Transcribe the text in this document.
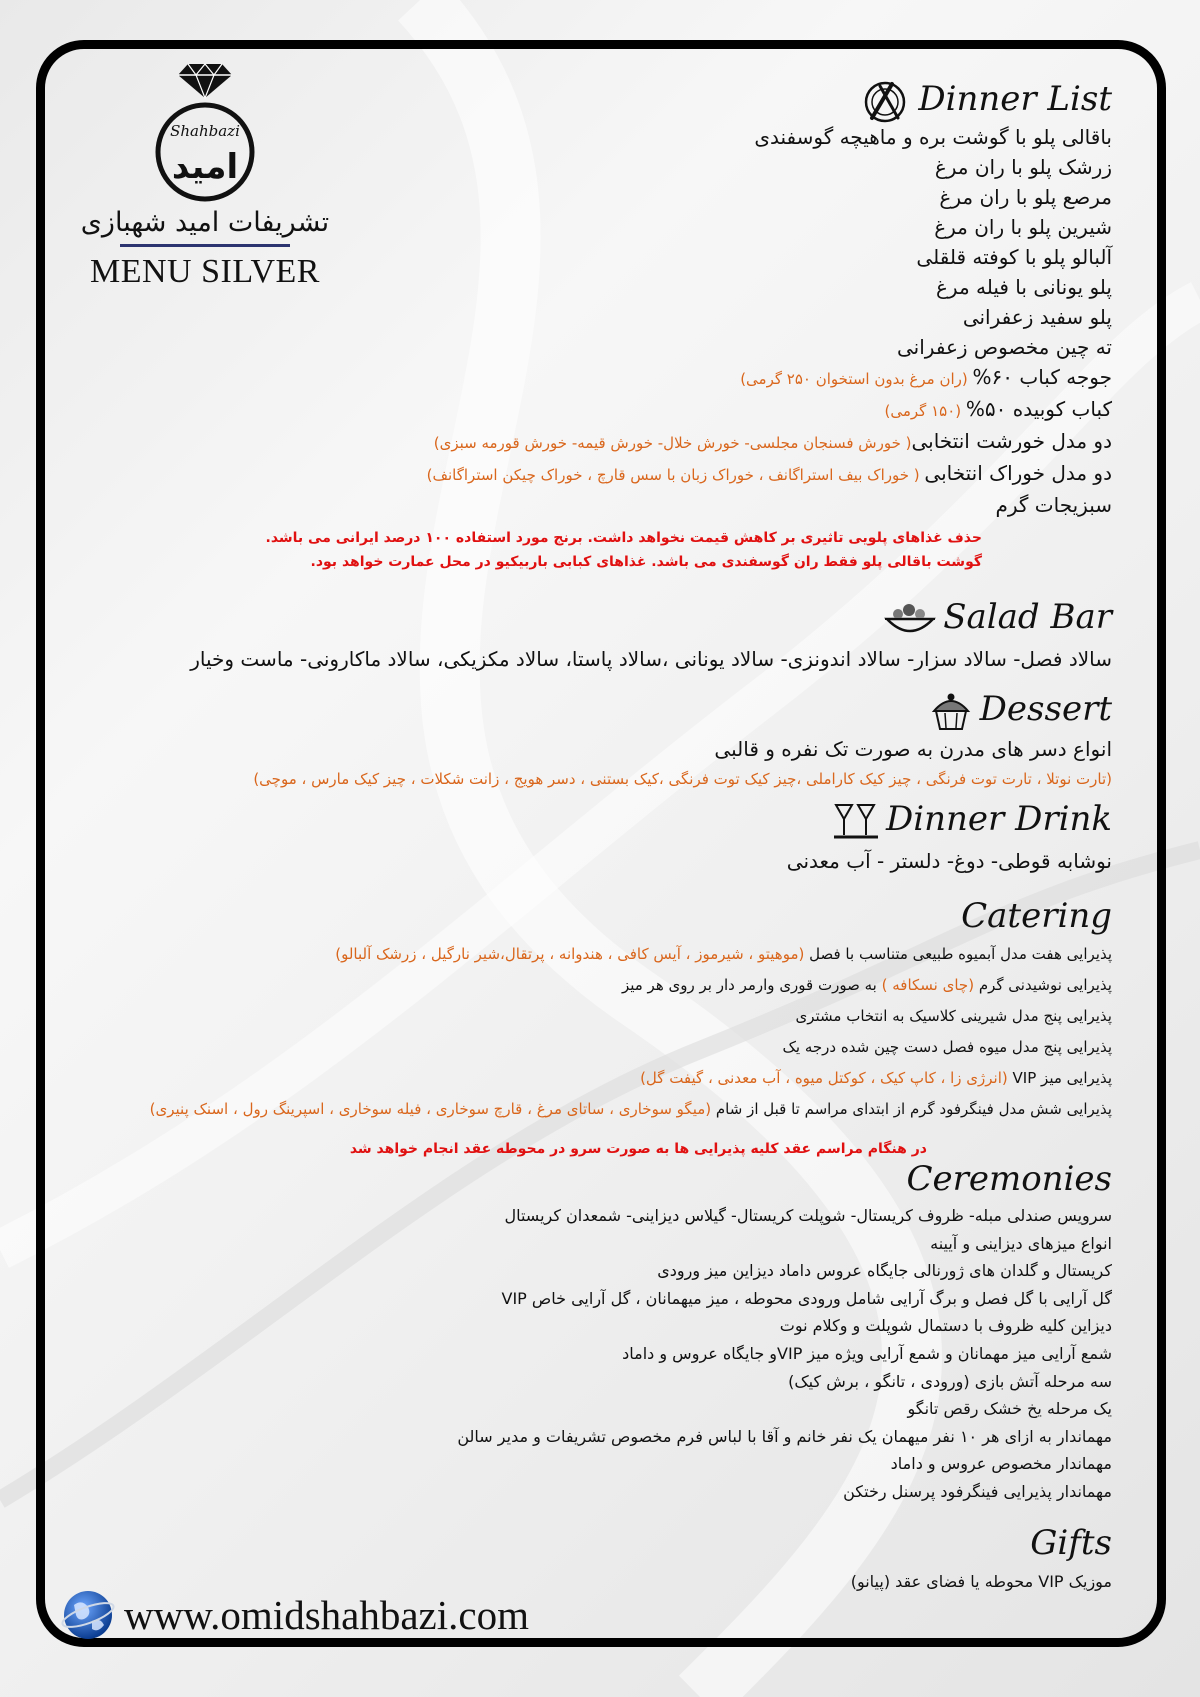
Shahbazi
امید
تشریفات امید شهبازی
MENU SILVER
Dinner List
باقالی پلو با گوشت بره و ماهیچه گوسفندی
زرشک پلو با ران مرغ
مرصع پلو با ران مرغ
شیرین پلو با ران مرغ
آلبالو پلو با کوفته قلقلی
پلو یونانی با فیله مرغ
پلو سفید زعفرانی
ته چین مخصوص زعفرانی
جوجه کباب ۶۰% (ران مرغ بدون استخوان ۲۵۰ گرمی)
کباب کوبیده ۵۰% (۱۵۰ گرمی)
دو مدل خورشت انتخابی( خورش فسنجان مجلسی- خورش خلال- خورش قیمه- خورش قورمه سبزی)
دو مدل خوراک انتخابی ( خوراک بیف استراگانف ، خوراک زبان با سس قارچ ، خوراک چیکن استراگانف)
سبزیجات گرم
حذف غذاهای پلویی تاثیری بر کاهش قیمت نخواهد داشت. برنج مورد استفاده ۱۰۰ درصد ایرانی می باشد.
گوشت باقالی پلو فقط ران گوسفندی می باشد. غذاهای کبابی باربیکیو در محل عمارت خواهد بود.
Salad Bar
سالاد فصل- سالاد سزار- سالاد اندونزی- سالاد یونانی ،سالاد پاستا، سالاد مکزیکی، سالاد ماکارونی- ماست وخیار
Dessert
انواع دسر های مدرن به صورت تک نفره و قالبی
(تارت نوتلا ، تارت توت فرنگی ، چیز کیک کاراملی ،چیز کیک توت فرنگی ،کیک بستنی ، دسر هویج ، زانت شکلات ، چیز کیک مارس ، موچی)
Dinner Drink
نوشابه قوطی- دوغ- دلستر - آب معدنی
Catering
پذیرایی هفت مدل آبمیوه طبیعی متناسب با فصل (موهیتو ، شیرموز ، آیس کافی ، هندوانه ، پرتقال،شیر نارگیل ، زرشک آلبالو)
پذیرایی نوشیدنی گرم (چای نسکافه ) به صورت قوری وارمر دار بر روی هر میز
پذیرایی پنج مدل شیرینی کلاسیک به انتخاب مشتری
پذیرایی پنج مدل میوه فصل دست چین شده درجه یک
پذیرایی میز VIP (انرژی زا ، کاپ کیک ، کوکتل میوه ، آب معدنی ، گیفت گل)
پذیرایی شش مدل فینگرفود گرم از ابتدای مراسم تا قبل از شام (میگو سوخاری ، ساتای مرغ ، قارچ سوخاری ، فیله سوخاری ، اسپرینگ رول ، اسنک پنیری)
در هنگام مراسم عقد کلیه پذیرایی ها به صورت سرو در محوطه عقد انجام خواهد شد
Ceremonies
سرویس صندلی مبله- ظروف کریستال- شوپلت کریستال- گیلاس دیزاینی- شمعدان کریستال
انواع میزهای دیزاینی و آیینه
کریستال و گلدان های ژورنالی جایگاه عروس داماد دیزاین میز ورودی
گل آرایی با گل فصل و برگ آرایی شامل ورودی محوطه ، میز میهمانان ، گل آرایی خاص VIP
دیزاین کلیه ظروف با دستمال شوپلت و وکلام نوت
شمع آرایی میز مهمانان و شمع آرایی ویژه میز VIPو جایگاه عروس و داماد
سه مرحله آتش بازی (ورودی ، تانگو ، برش کیک)
یک مرحله یخ خشک رقص تانگو
مهماندار به ازای هر ۱۰ نفر میهمان یک نفر خانم و آقا با لباس فرم مخصوص تشریفات و مدیر سالن
مهماندار مخصوص عروس و داماد
مهماندار پذیرایی فینگرفود پرسنل رختکن
Gifts
موزیک VIP محوطه یا فضای عقد (پیانو)
www.omidshahbazi.com
